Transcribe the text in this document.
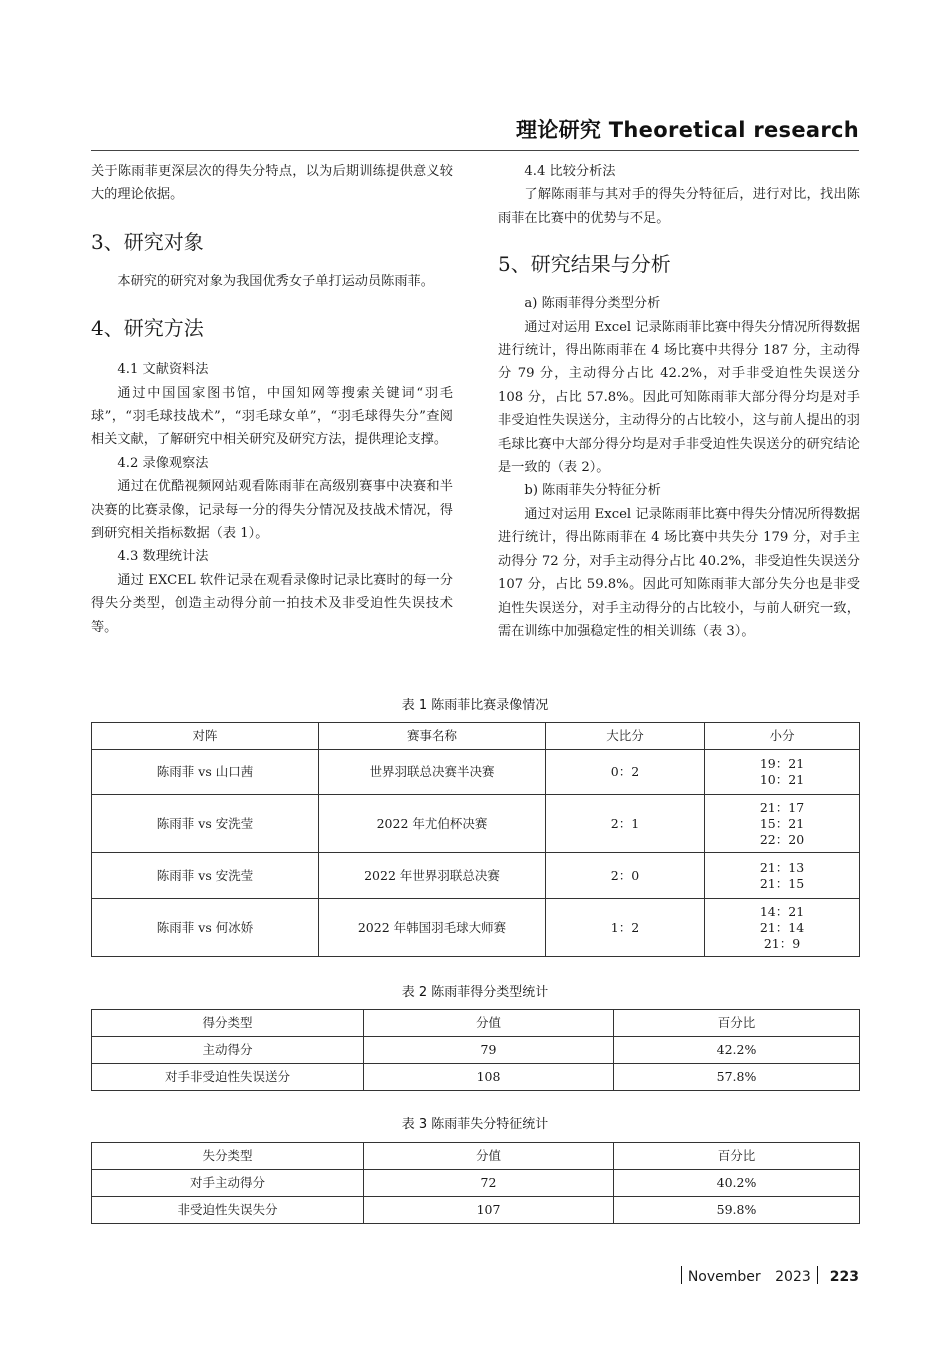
理论研究 Theoretical research

关于陈雨菲更深层次的得失分特点，以为后期训练提供意义较大的理论依据。

3、研究对象

本研究的研究对象为我国优秀女子单打运动员陈雨菲。

4、研究方法

4.1 文献资料法

通过中国国家图书馆，中国知网等搜索关键词“羽毛球”，“羽毛球技战术”，“羽毛球女单”，“羽毛球得失分”查阅相关文献，了解研究中相关研究及研究方法，提供理论支撑。

4.2 录像观察法

通过在优酷视频网站观看陈雨菲在高级别赛事中决赛和半决赛的比赛录像，记录每一分的得失分情况及技战术情况，得到研究相关指标数据（表 1）。

4.3 数理统计法

通过 EXCEL 软件记录在观看录像时记录比赛时的每一分得失分类型，创造主动得分前一拍技术及非受迫性失误技术等。

4.4 比较分析法

了解陈雨菲与其对手的得失分特征后，进行对比，找出陈雨菲在比赛中的优势与不足。

5、研究结果与分析

a) 陈雨菲得分类型分析

通过对运用 Excel 记录陈雨菲比赛中得失分情况所得数据进行统计，得出陈雨菲在 4 场比赛中共得分 187 分，主动得分 79 分，主动得分占比 42.2%，对手非受迫性失误送分 108 分，占比 57.8%。因此可知陈雨菲大部分得分均是对手非受迫性失误送分，主动得分的占比较小，这与前人提出的羽毛球比赛中大部分得分均是对手非受迫性失误送分的研究结论是一致的（表 2）。

b) 陈雨菲失分特征分析

通过对运用 Excel 记录陈雨菲比赛中得失分情况所得数据进行统计，得出陈雨菲在 4 场比赛中共失分 179 分，对手主动得分 72 分，对手主动得分占比 40.2%，非受迫性失误送分 107 分，占比 59.8%。因此可知陈雨菲大部分失分也是非受迫性失误送分，对手主动得分的占比较小，与前人研究一致，需在训练中加强稳定性的相关训练（表 3）。

表 1 陈雨菲比赛录像情况
对阵	赛事名称	大比分	小分
陈雨菲 vs 山口茜	世界羽联总决赛半决赛	0：2	19：21
10：21

陈雨菲 vs 安洗莹	2022 年尤伯杯决赛	2：1	21：17
15：21
22：20

陈雨菲 vs 安洗莹	2022 年世界羽联总决赛	2：0	21：13
21：15

陈雨菲 vs 何冰娇	2022 年韩国羽毛球大师赛	1：2	14：21
21：14
21：9
表 2 陈雨菲得分类型统计
得分类型	分值	百分比
主动得分	79	42.2%
对手非受迫性失误送分	108	57.8%
表 3 陈雨菲失分特征统计
失分类型	分值	百分比
对手主动得分	72	40.2%
非受迫性失误失分	107	59.8%
November 2023 223
